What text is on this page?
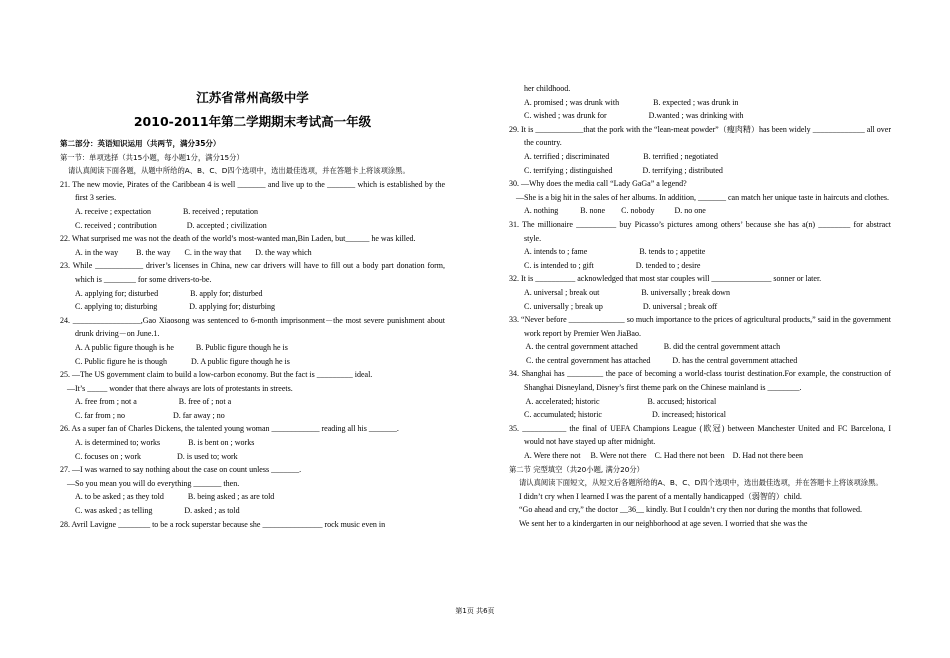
江苏省常州高级中学
2010-2011年第二学期期末考试高一年级
第二部分：英语知识运用（共两节，满分35分）
第一节：单项选择（共15小题，每小题1分，满分15分）
请认真阅读下面各题，从题中所给的A、B、C、D四个选项中，选出最佳选项，并在答题卡上将该项涂黑。
21. The new movie, Pirates of the Caribbean 4 is well _______ and live up to the _______ which is established by the first 3 series.
A. receive ; expectation                B. received ; reputation
C. received ; contribution               D. accepted ; civilization
22. What surprised me was not the death of the world’s most-wanted man,Bin Laden, but______ he was killed.
A. in the way         B. the way       C. in the way that       D. the way which
23. While ____________ driver’s licenses in China, new car drivers will have to fill out a body part donation form, which is ________ for some drivers-to-be.
A. applying for; disturbed                B. apply for; disturbed
C. applying to; disturbing                D. applying for; disturbing
24. _________________,Gao Xiaosong was sentenced to 6-month imprisonment－the most severe punishment about drunk driving－on June.1.
A. A public figure though is he           B. Public figure though he is
C. Public figure he is though            D. A public figure though he is
25. —The US government claim to build a low-carbon economy. But the fact is _________ ideal.
—It’s _____ wonder that there always are lots of protestants in streets.
A. free from ; not a                     B. free of ; not a
C. far from ; no                        D. far away ; no
26. As a super fan of Charles Dickens, the talented young woman ____________ reading all his _______.
A. is determined to; works              B. is bent on ; works
C. focuses on ; work                  D. is used to; work
27. —I was warned to say nothing about the case on count unless _______.
—So you mean you will do everything _______ then.
A. to be asked ; as they told            B. being asked ; as are told
C. was asked ; as telling                D. asked ; as told
28. Avril Lavigne ________ to be a rock superstar because she _______________ rock music even in
her childhood.
A. promised ; was drunk with                 B. expected ; was drunk in
C. wished ; was drunk for                     D.wanted ; was drinking with
29. It is ____________that the pork with the “lean-meat powder”（瘦肉精）has been widely _____________ all over the country.
A. terrified ; discriminated                 B. terrified ; negotiated
C. terrifying ; distinguished               D. terrifying ; distributed
30. —Why does the media call “Lady GaGa” a legend?
—She is a big hit in the sales of her albums. In addition, _______ can match her unique taste in haircuts and clothes.
A. nothing           B. none        C. nobody          D. no one
31. The millionaire __________ buy Picasso’s pictures among others’ because she has a(n) ________ for abstract style.
A. intends to ; fame                          B. tends to ; appetite
C. is intended to ; gift                     D. tended to ; desire
32. It is __________ acknowledged that most star couples will _______________ sonner or later.
A. universal ; break out                     B. universally ; break down
C. universally ; break up                    D. universal ; break off
33. “Never before ______________ so much importance to the prices of agricultural products,” said in the government work report by Premier Wen JiaBao.
A. the central government attached             B. did the central government attach
C. the central government has attached           D. has the central government attached
34. Shanghai has _________ the pace of becoming a world-class tourist destination.For example, the construction of Shanghai Disneyland, Disney’s first theme park on the Chinese mainland is ________.
A. accelerated; historic                        B. accused; historical
C. accumulated; historic                         D. increased; historical
35. ___________ the final of UEFA Champions League (欧冠) between Manchester United and FC Barcelona, I would not have stayed up after midnight.
A. Were there not     B. Were not there    C. Had there not been    D. Had not there been
第二节 完型填空（共20小题, 满分20分）
请认真阅读下面短文，从短文后各题所给的A、B、C、D四个选项中，选出最佳选项，并在答题卡上将该项涂黑。
I didn’t cry when I learned I was the parent of a mentally handicapped（弱智的）child.
“Go ahead and cry,” the doctor __36__ kindly. But I couldn’t cry then nor during the months that followed.
We sent her to a kindergarten in our neighborhood at age seven. I worried that she was the
第1页 共6页
